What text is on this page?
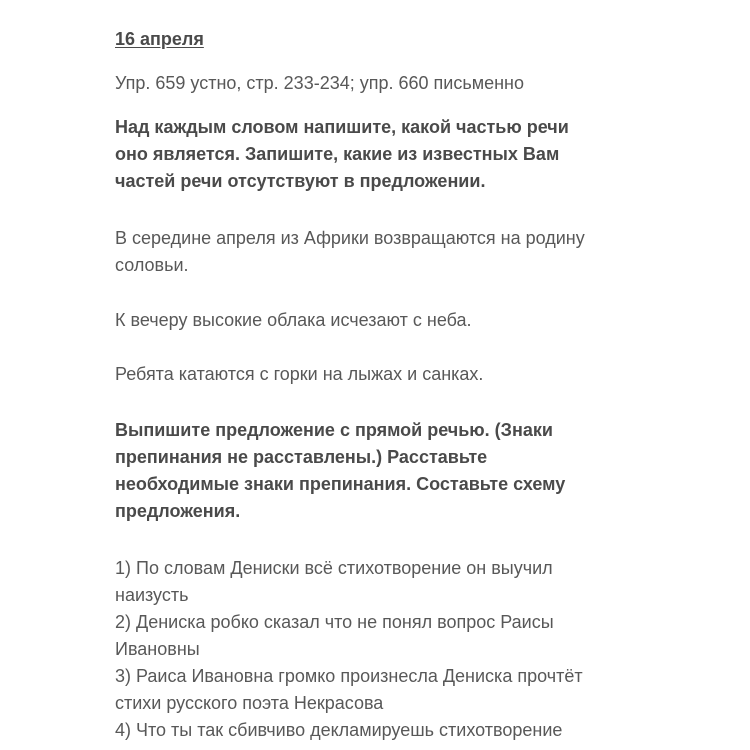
16 апреля
Упр. 659 устно, стр. 233-234; упр. 660 письменно
Над каждым словом напишите, какой частью речи
оно является. Запишите, какие из известных Вам
частей речи отсутствуют в предложении.
В середине апреля из Африки возвращаются на родину
соловьи.
К вечеру высокие облака исчезают с неба.
Ребята катаются с горки на лыжах и санках.
Выпишите предложение с прямой речью. (Знаки
препинания не расставлены.) Расставьте
необходимые знаки препинания. Составьте схему
предложения.
1) По словам Дениски всё стихотворение он выучил
наизусть
2) Дениска робко сказал что не понял вопрос Раисы
Ивановны
3) Раиса Ивановна громко произнесла Дениска прочтёт
стихи русского поэта Некрасова
4) Что ты так сбивчиво декламируешь стихотворение
